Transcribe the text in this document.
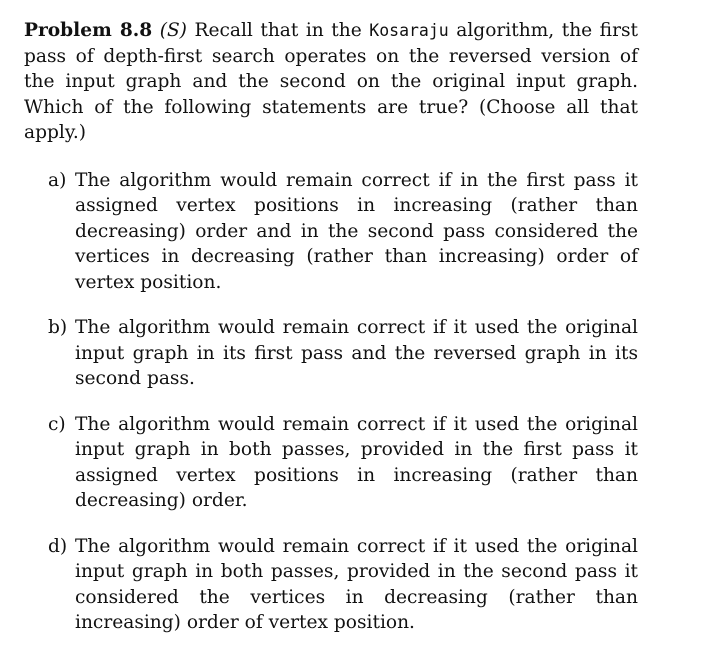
Problem 8.8 (S) Recall that in the Kosaraju algorithm, the first pass of depth-first search operates on the reversed version of the input graph and the second on the original input graph. Which of the following statements are true? (Choose all that apply.)

a) The algorithm would remain correct if in the first pass it assigned vertex positions in increasing (rather than decreasing) order and in the second pass considered the vertices in decreasing (rather than increasing) order of vertex position.
b) The algorithm would remain correct if it used the original input graph in its first pass and the reversed graph in its second pass.
c) The algorithm would remain correct if it used the original input graph in both passes, provided in the first pass it assigned vertex positions in increasing (rather than decreasing) order.
d) The algorithm would remain correct if it used the original input graph in both passes, provided in the second pass it considered the vertices in decreasing (rather than increasing) order of vertex position.
